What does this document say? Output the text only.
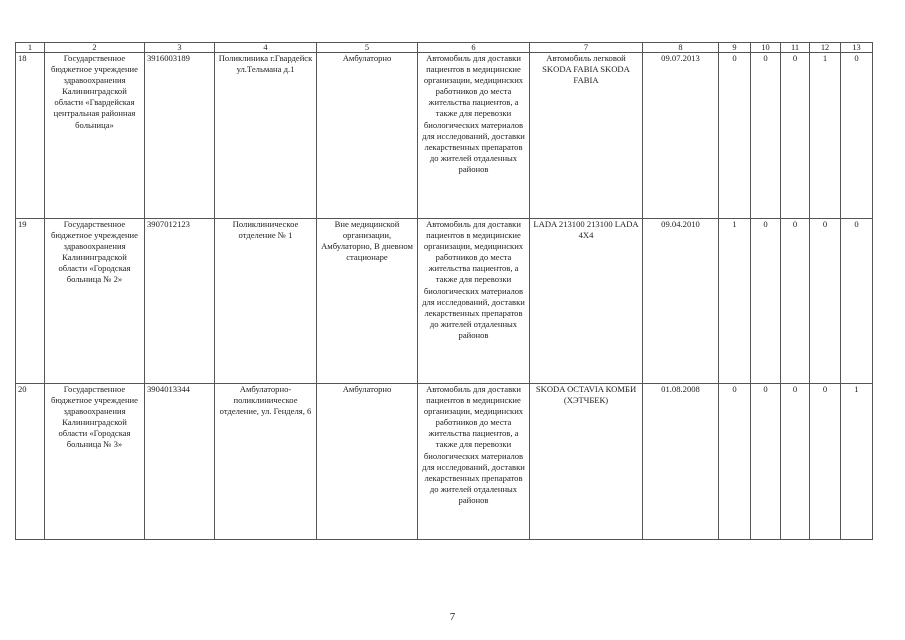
1	2	3	4	5	6	7	8	9	10	11	12	13
18	Государственное бюджетное учреждение здравоохранения Калининградской области «Гвардейская центральная районная больница»	3916003189	Поликлиника г.Гвардейск ул.Тельмана д.1	Амбулаторно	Автомобиль для доставки пациентов в медицинские организации, медицинских работников до места жительства пациентов, а также для перевозки биологических материалов для исследований, доставки лекарственных препаратов до жителей отдаленных районов	Автомобиль легковой SKODA FABIA SKODA FABIA	09.07.2013	0	0	0	1	0
19	Государственное бюджетное учреждение здравоохранения Калининградской области «Городская больница № 2»	3907012123	Поликлиническое отделение № 1	Вне медицинской организации, Амбулаторно, В дневном стационаре	Автомобиль для доставки пациентов в медицинские организации, медицинских работников до места жительства пациентов, а также для перевозки биологических материалов для исследований, доставки лекарственных препаратов до жителей отдаленных районов	LADA 213100 213100 LADA 4X4	09.04.2010	1	0	0	0	0
20	Государственное бюджетное учреждение здравоохранения Калининградской области «Городская больница № 3»	3904013344	Амбулаторно-поликлиническое отделение, ул. Генделя, 6	Амбулаторно	Автомобиль для доставки пациентов в медицинские организации, медицинских работников до места жительства пациентов, а также для перевозки биологических материалов для исследований, доставки лекарственных препаратов до жителей отдаленных районов	SKODA OCTAVIA КОМБИ (ХЭТЧБЕК)	01.08.2008	0	0	0	0	1
7
